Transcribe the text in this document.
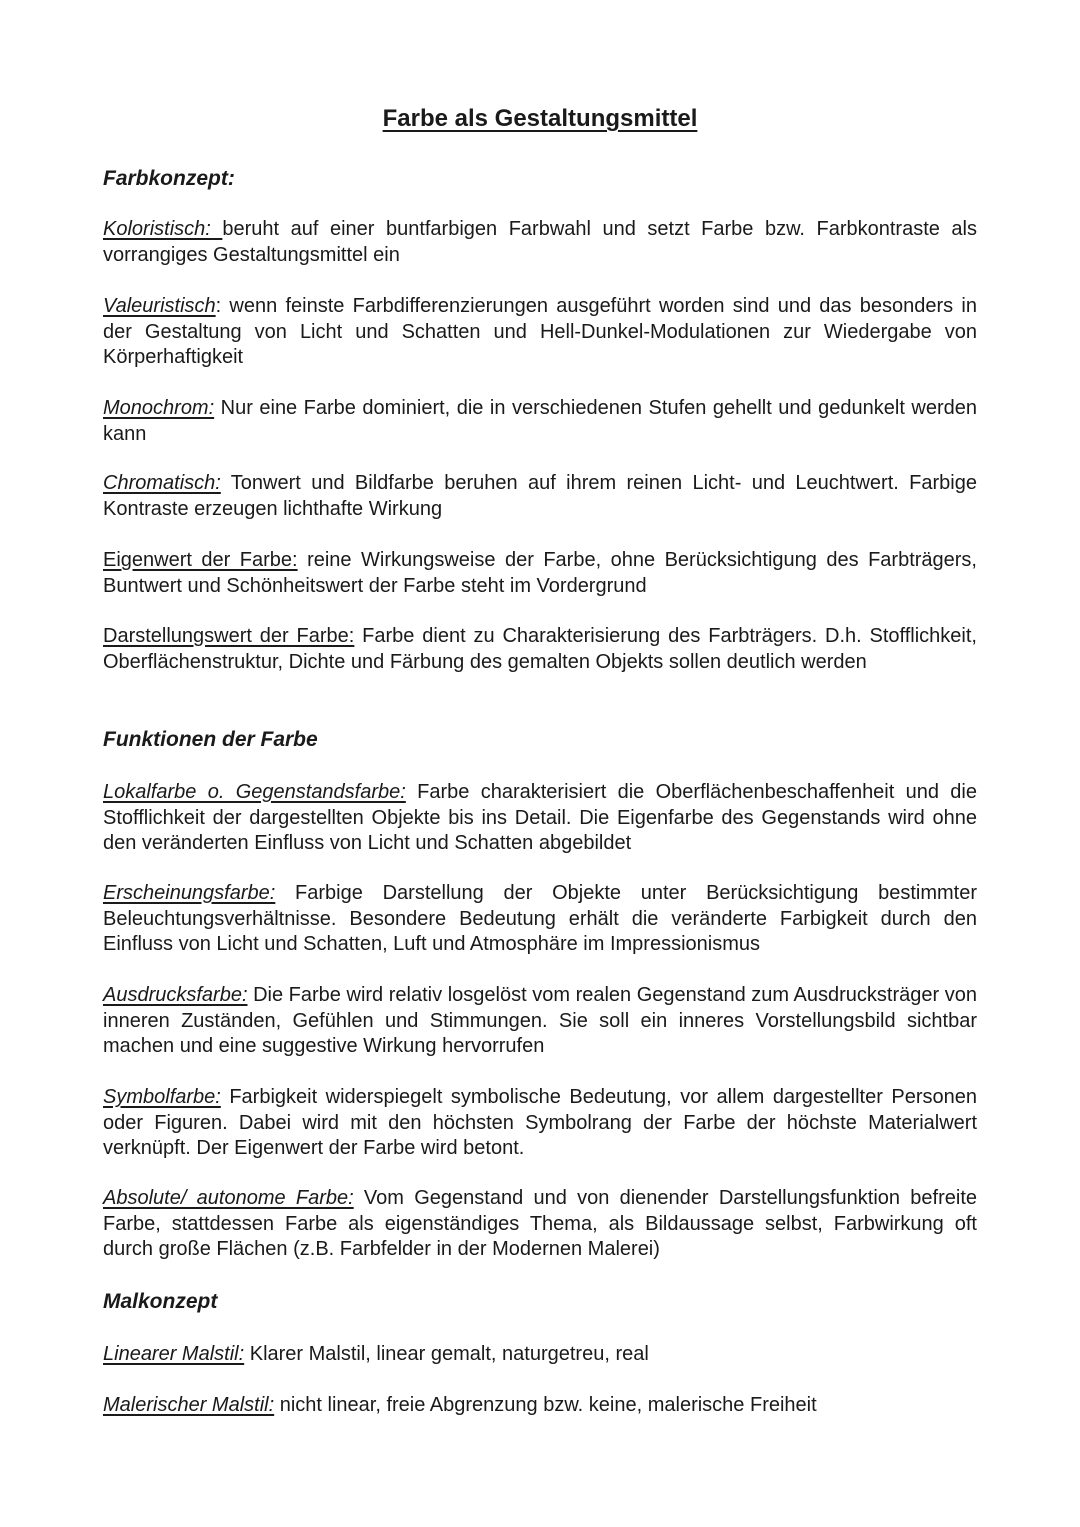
Farbe als Gestaltungsmittel
Farbkonzept:

Koloristisch: beruht auf einer buntfarbigen Farbwahl und setzt Farbe bzw. Farbkontraste als vorrangiges Gestaltungsmittel ein

Valeuristisch: wenn feinste Farbdifferenzierungen ausgeführt worden sind und das besonders in der Gestaltung von Licht und Schatten und Hell-Dunkel-Modulationen zur Wiedergabe von Körperhaftigkeit

Monochrom: Nur eine Farbe dominiert, die in verschiedenen Stufen gehellt und gedunkelt werden kann

Chromatisch: Tonwert und Bildfarbe beruhen auf ihrem reinen Licht- und Leuchtwert. Farbige Kontraste erzeugen lichthafte Wirkung

Eigenwert der Farbe: reine Wirkungsweise der Farbe, ohne Berücksichtigung des Farbträgers, Buntwert und Schönheitswert der Farbe steht im Vordergrund

Darstellungswert der Farbe: Farbe dient zu Charakterisierung des Farbträgers. D.h. Stofflichkeit, Oberflächenstruktur, Dichte und Färbung des gemalten Objekts sollen deutlich werden

Funktionen der Farbe

Lokalfarbe o. Gegenstandsfarbe: Farbe charakterisiert die Oberflächenbeschaffenheit und die Stofflichkeit der dargestellten Objekte bis ins Detail. Die Eigenfarbe des Gegenstands wird ohne den veränderten Einfluss von Licht und Schatten abgebildet

Erscheinungsfarbe: Farbige Darstellung der Objekte unter Berücksichtigung bestimmter Beleuchtungsverhältnisse. Besondere Bedeutung erhält die veränderte Farbigkeit durch den Einfluss von Licht und Schatten, Luft und Atmosphäre im Impressionismus

Ausdrucksfarbe: Die Farbe wird relativ losgelöst vom realen Gegenstand zum Ausdrucksträger von inneren Zuständen, Gefühlen und Stimmungen. Sie soll ein inneres Vorstellungsbild sichtbar machen und eine suggestive Wirkung hervorrufen

Symbolfarbe: Farbigkeit widerspiegelt symbolische Bedeutung, vor allem dargestellter Personen oder Figuren. Dabei wird mit den höchsten Symbolrang der Farbe der höchste Materialwert verknüpft. Der Eigenwert der Farbe wird betont.

Absolute/ autonome Farbe: Vom Gegenstand und von dienender Darstellungsfunktion befreite Farbe, stattdessen Farbe als eigenständiges Thema, als Bildaussage selbst, Farbwirkung oft durch große Flächen (z.B. Farbfelder in der Modernen Malerei)

Malkonzept

Linearer Malstil: Klarer Malstil, linear gemalt, naturgetreu, real

Malerischer Malstil: nicht linear, freie Abgrenzung bzw. keine, malerische Freiheit
